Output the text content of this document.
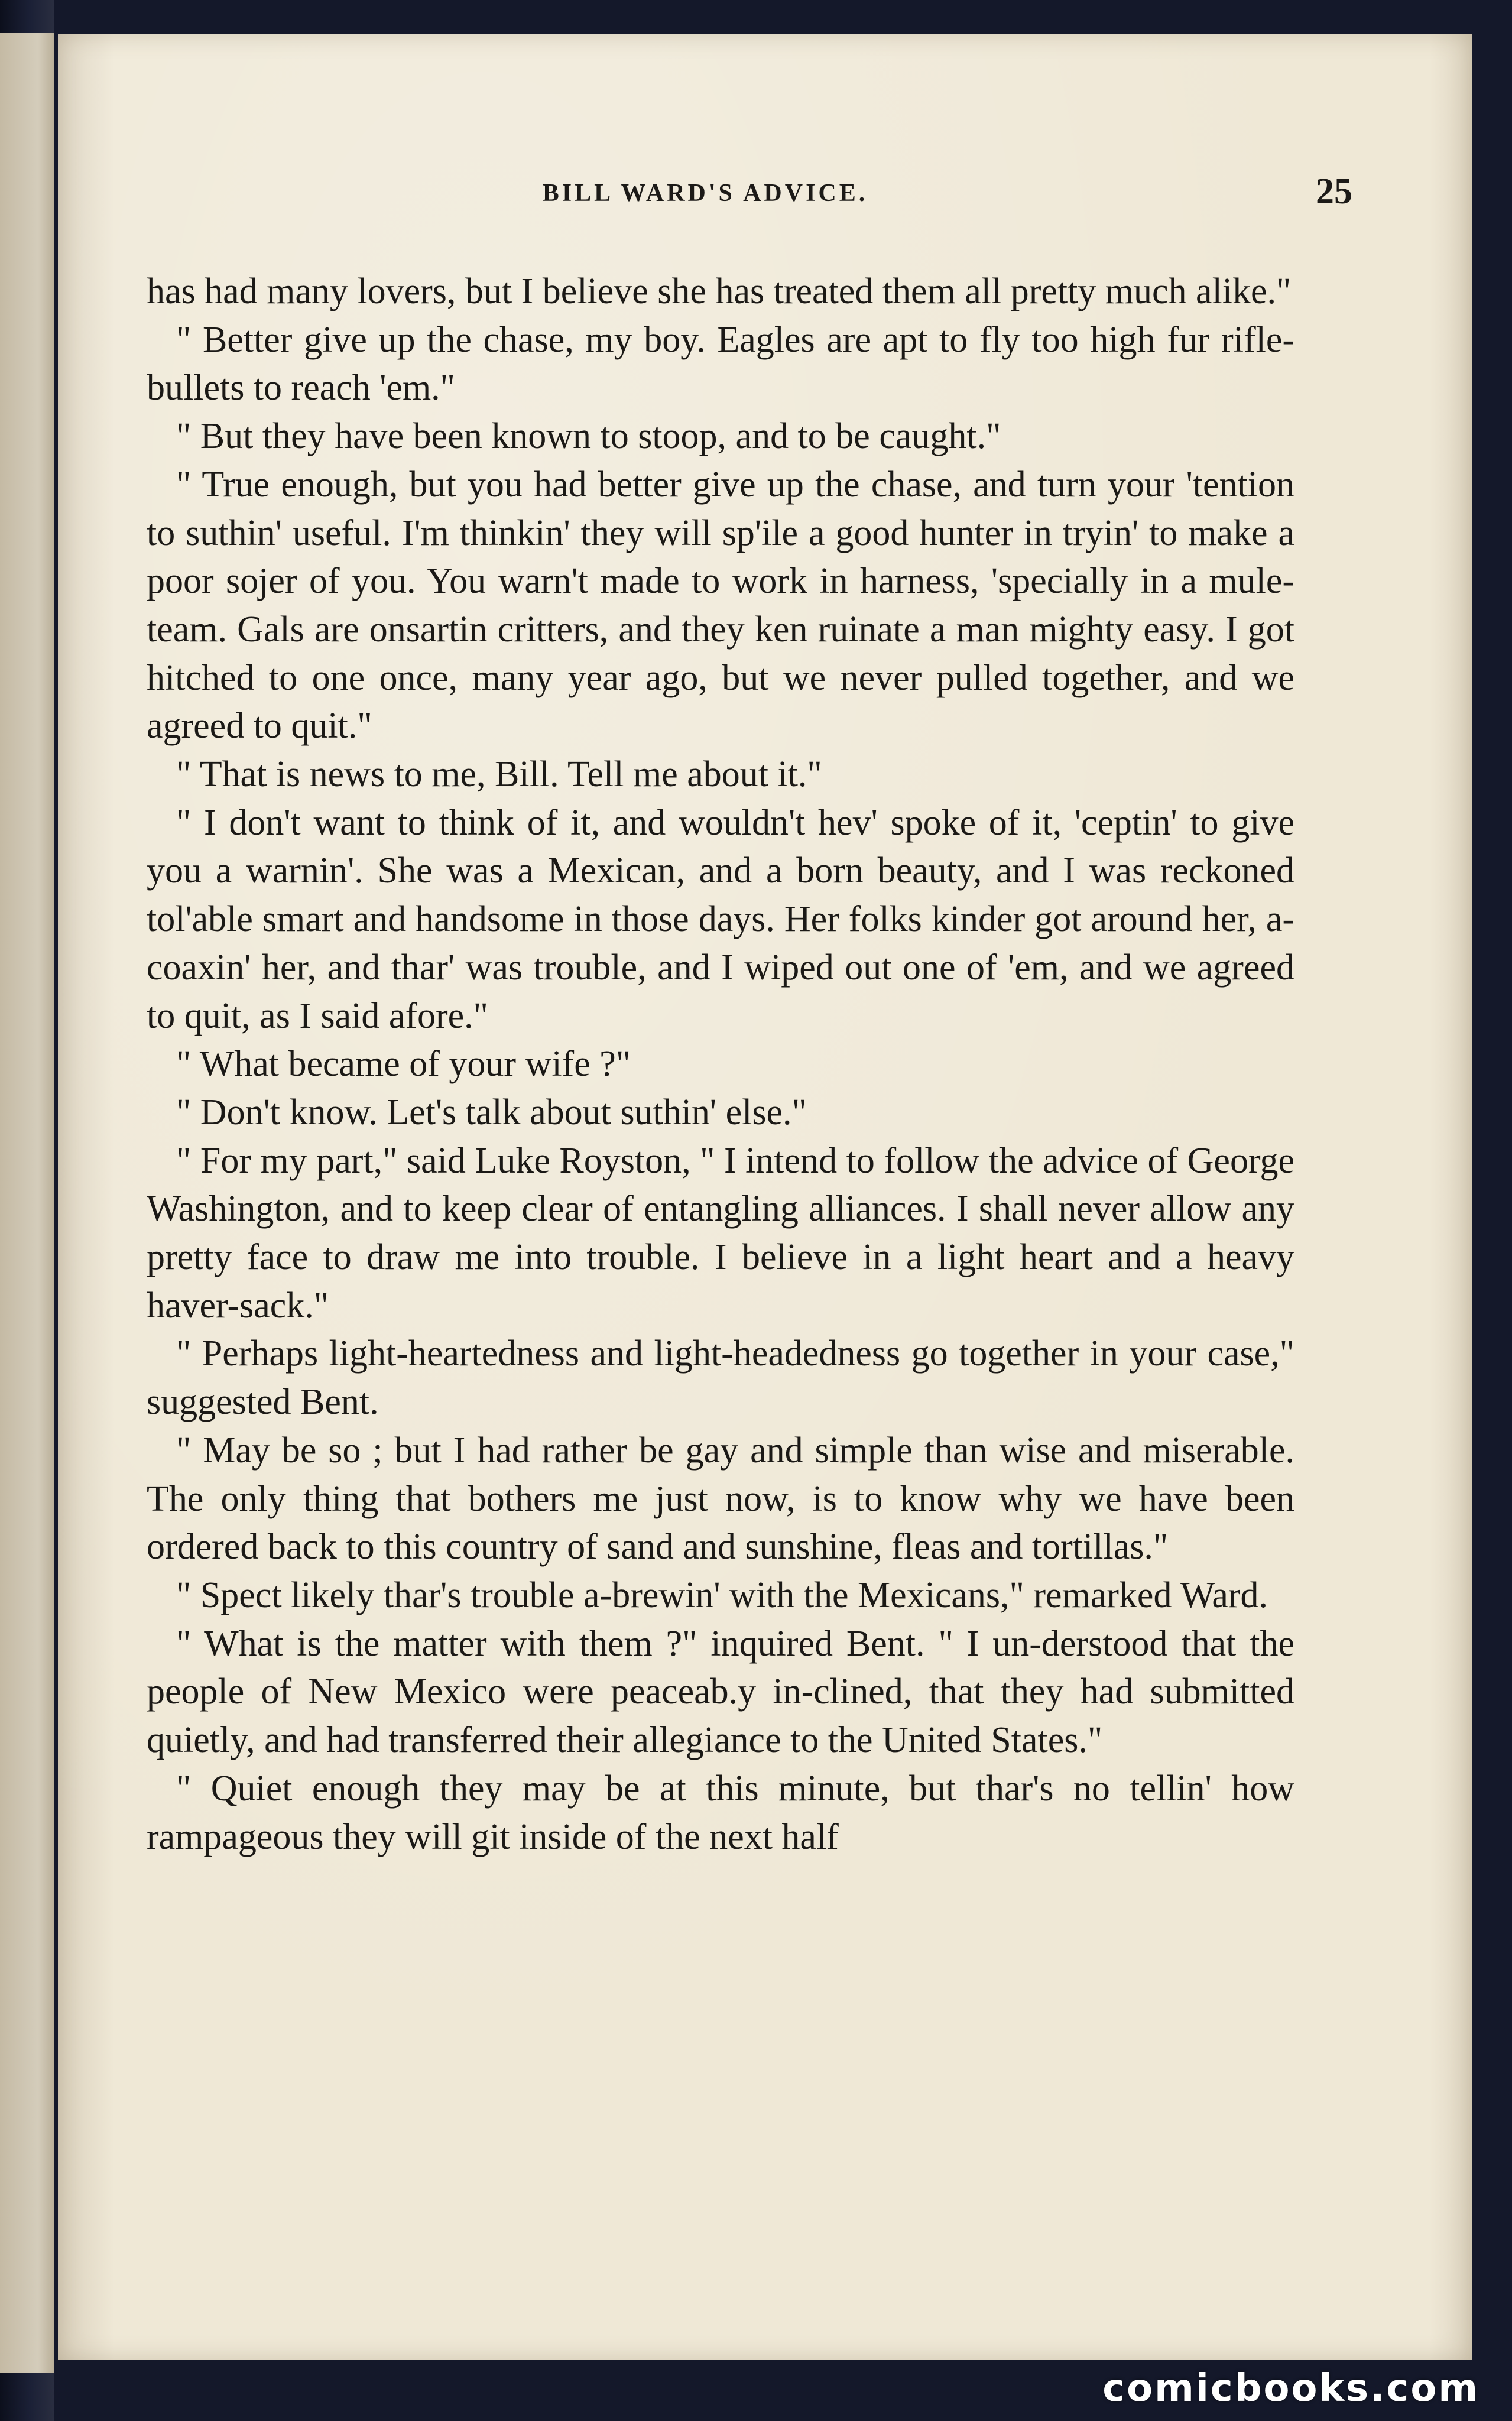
BILL WARD'S ADVICE.	25

has had many lovers, but I believe she has treated them all pretty much alike."

" Better give up the chase, my boy. Eagles are apt to fly too high fur rifle-bullets to reach 'em."

" But they have been known to stoop, and to be caught."

" True enough, but you had better give up the chase, and turn your 'tention to suthin' useful. I'm thinkin' they will sp'ile a good hunter in tryin' to make a poor sojer of you. You warn't made to work in harness, 'specially in a mule-team. Gals are onsartin critters, and they ken ruinate a man mighty easy. I got hitched to one once, many year ago, but we never pulled together, and we agreed to quit."

" That is news to me, Bill. Tell me about it."

" I don't want to think of it, and wouldn't hev' spoke of it, 'ceptin' to give you a warnin'. She was a Mexican, and a born beauty, and I was reckoned tol'able smart and handsome in those days. Her folks kinder got around her, a-coaxin' her, and thar' was trouble, and I wiped out one of 'em, and we agreed to quit, as I said afore."

" What became of your wife ?"

" Don't know. Let's talk about suthin' else."

" For my part," said Luke Royston, " I intend to follow the advice of George Washington, and to keep clear of entangling alliances. I shall never allow any pretty face to draw me into trouble. I believe in a light heart and a heavy haver-sack."

" Perhaps light-heartedness and light-headedness go together in your case," suggested Bent.

" May be so ; but I had rather be gay and simple than wise and miserable. The only thing that bothers me just now, is to know why we have been ordered back to this country of sand and sunshine, fleas and tortillas."

" Spect likely thar's trouble a-brewin' with the Mexicans," remarked Ward.

" What is the matter with them ?" inquired Bent. " I un-derstood that the people of New Mexico were peaceab.y in-clined, that they had submitted quietly, and had transferred their allegiance to the United States."

" Quiet enough they may be at this minute, but thar's no tellin' how rampageous they will git inside of the next half

comicbooks.com
